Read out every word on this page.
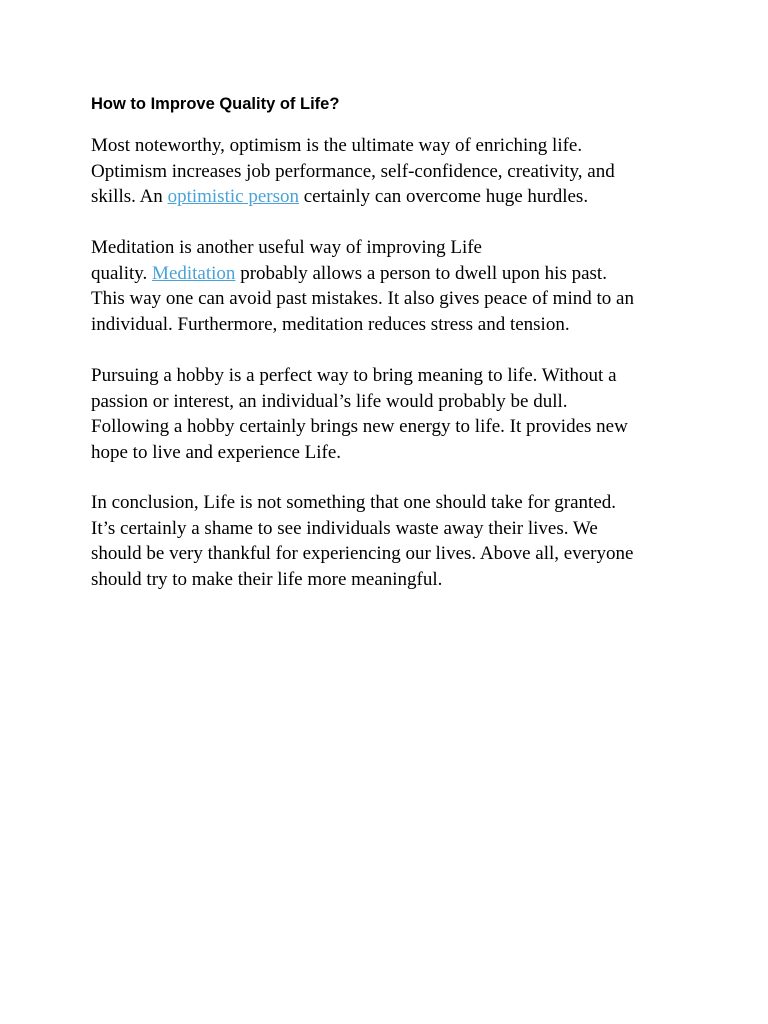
How to Improve Quality of Life?

Most noteworthy, optimism is the ultimate way of enriching life.
Optimism increases job performance, self-confidence, creativity, and
skills. An optimistic person certainly can overcome huge hurdles.

Meditation is another useful way of improving Life
quality. Meditation probably allows a person to dwell upon his past.
This way one can avoid past mistakes. It also gives peace of mind to an
individual. Furthermore, meditation reduces stress and tension.

Pursuing a hobby is a perfect way to bring meaning to life. Without a
passion or interest, an individual’s life would probably be dull.
Following a hobby certainly brings new energy to life. It provides new
hope to live and experience Life.

In conclusion, Life is not something that one should take for granted.
It’s certainly a shame to see individuals waste away their lives. We
should be very thankful for experiencing our lives. Above all, everyone
should try to make their life more meaningful.
